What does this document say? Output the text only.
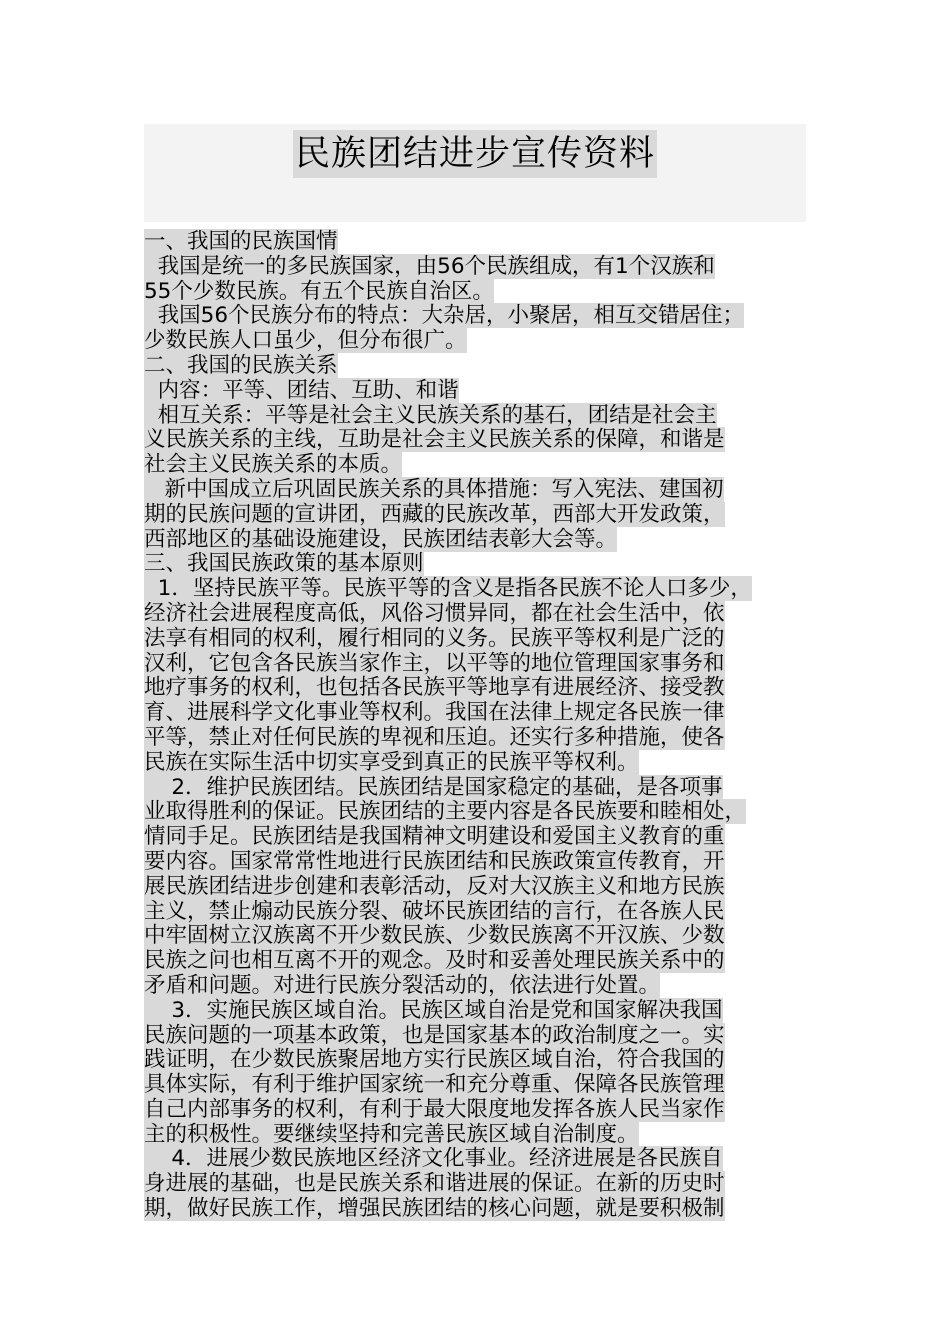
民族团结进步宣传资料
一、我国的民族国情
我国是统一的多民族国家，由56个民族组成，有1个汉族和
55个少数民族。有五个民族自治区。
我国56个民族分布的特点：大杂居，小聚居，相互交错居住；
少数民族人口虽少，但分布很广。
二、我国的民族关系
内容：平等、团结、互助、和谐
相互关系：平等是社会主义民族关系的基石，团结是社会主
义民族关系的主线，互助是社会主义民族关系的保障，和谐是
社会主义民族关系的本质。
新中国成立后巩固民族关系的具体措施：写入宪法、建国初
期的民族问题的宣讲团，西藏的民族改革，西部大开发政策，
西部地区的基础设施建设，民族团结表彰大会等。
三、我国民族政策的基本原则
1．坚持民族平等。民族平等的含义是指各民族不论人口多少，
经济社会进展程度高低，风俗习惯异同，都在社会生活中，依
法享有相同的权利，履行相同的义务。民族平等权利是广泛的
汉利，它包含各民族当家作主，以平等的地位管理国家事务和
地疗事务的权利，也包括各民族平等地享有进展经济、接受教
育、进展科学文化事业等权利。我国在法律上规定各民族一律
平等，禁止对任何民族的卑视和压迫。还实行多种措施，使各
民族在实际生活中切实享受到真正的民族平等权利。
2．维护民族团结。民族团结是国家稳定的基础，是各项事
业取得胜利的保证。民族团结的主要内容是各民族要和睦相处，
情同手足。民族团结是我国精神文明建设和爱国主义教育的重
要内容。国家常常性地进行民族团结和民族政策宣传教育，开
展民族团结进步创建和表彰活动，反对大汉族主义和地方民族
主义，禁止煽动民族分裂、破坏民族团结的言行，在各族人民
中牢固树立汉族离不开少数民族、少数民族离不开汉族、少数
民族之问也相互离不开的观念。及时和妥善处理民族关系中的
矛盾和问题。对进行民族分裂活动的，依法进行处置。
3．实施民族区域自治。民族区域自治是党和国家解决我国
民族问题的一项基本政策，也是国家基本的政治制度之一。实
践证明，在少数民族聚居地方实行民族区域自治，符合我国的
具体实际，有利于维护国家统一和充分尊重、保障各民族管理
自己内部事务的权利，有利于最大限度地发挥各族人民当家作
主的积极性。要继续坚持和完善民族区域自治制度。
4．进展少数民族地区经济文化事业。经济进展是各民族自
身进展的基础，也是民族关系和谐进展的保证。在新的历史时
期，做好民族工作，增强民族团结的核心问题，就是要积极制
